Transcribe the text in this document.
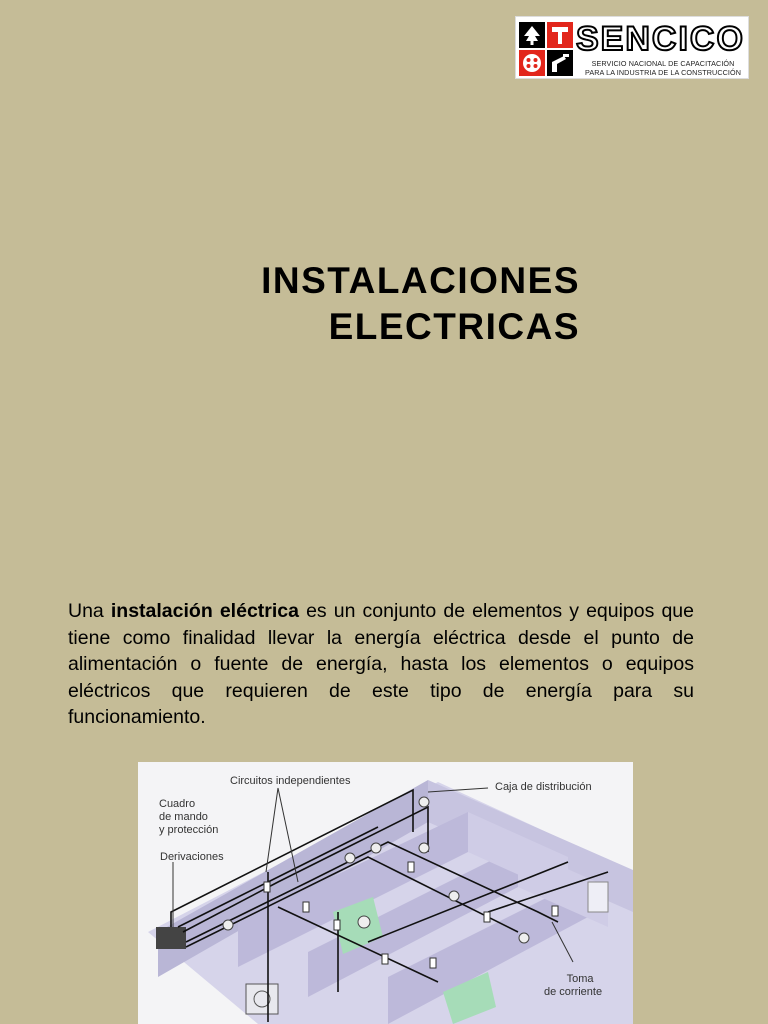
SENCICO
SERVICIO NACIONAL DE CAPACITACIÓN
PARA LA INDUSTRIA DE LA CONSTRUCCIÓN
INSTALACIONES
ELECTRICAS
Una instalación eléctrica es un conjunto de elementos y equipos que tiene como finalidad llevar la energía eléctrica desde el punto de alimentación o fuente de energía, hasta los elementos o equipos eléctricos que requieren de este tipo de energía para su funcionamiento.
Circuitos independientes	Caja de distribución
Cuadro
de mando
y protección
Derivaciones
Toma
de corriente
